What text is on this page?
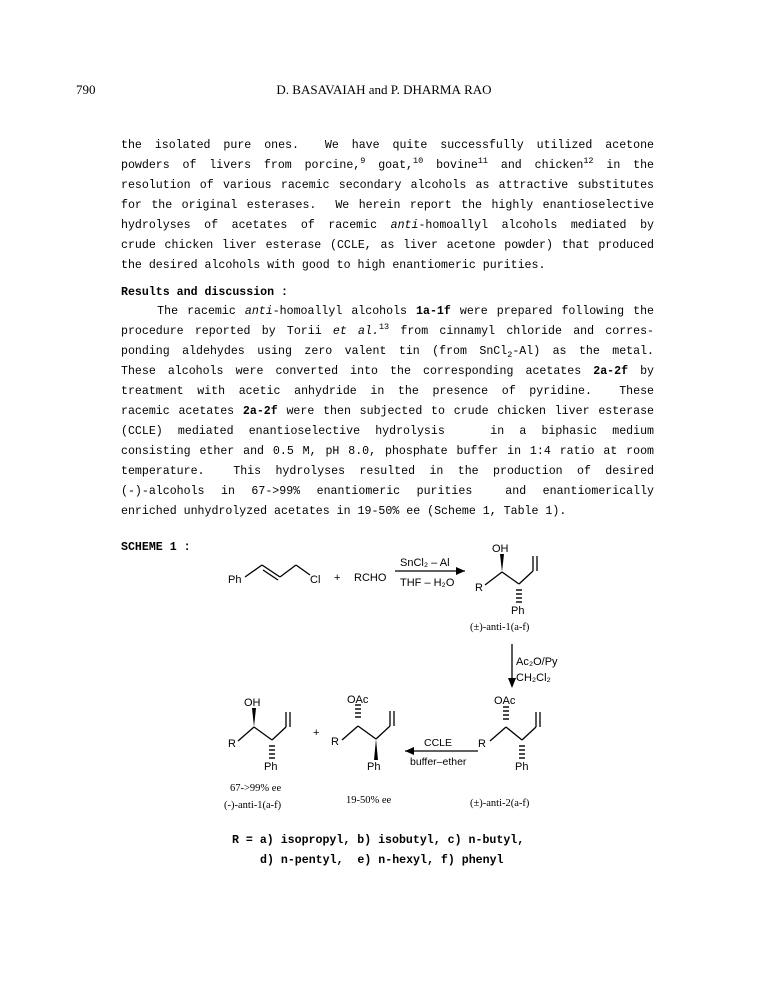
790	D. BASAVAIAH and P. DHARMA RAO
the isolated pure ones.  We have quite successfully utilized acetone
powders of livers from porcine,$^9$ goat,$^{10}$ bovine$^{11}$ and chicken$^{12}$ in the
resolution of various racemic secondary alcohols as attractive substitutes
for the original esterases.  We herein report the highly enantioselective
hydrolyses of acetates of racemic anti-homoallyl alcohols mediated by
crude chicken liver esterase (CCLE, as liver acetone powder) that produced
the desired alcohols with good to high enantiomeric purities.
Results and discussion :
The racemic anti-homoallyl alcohols 1a-1f were prepared following the
procedure reported by Torii et al.$^{13}$ from cinnamyl chloride and corres-
ponding aldehydes using zero valent tin (from SnCl$_2$-Al) as the metal.
These alcohols were converted into the corresponding acetates 2a-2f by
treatment with acetic anhydride in the presence of pyridine.  These
racemic acetates 2a-2f were then subjected to crude chicken liver esterase
(CCLE) mediated enantioselective hydrolysis   in a biphasic medium
consisting ether and 0.5 M, pH 8.0, phosphate buffer in 1:4 ratio at room
temperature.  This hydrolyses resulted in the production of desired
(-)-alcohols in 67->99% enantiomeric purities  and enantiomerically
enriched unhydrolyzed acetates in 19-50% ee (Scheme 1, Table 1).
SCHEME 1 :
Ph	Cl + RCHO
SnCl₂ – Al
THF – H₂O
OH
R
Ph
Ac₂O/Py
CH₂Cl₂
OH
R
Ph
+
OAc
R
Ph
CCLE
buffer–ether
OAc
R
Ph
(±)-anti-1(a-f)
67->99% ee
(-)-anti-1(a-f)	19-50% ee	(±)-anti-2(a-f)
R = a) isopropyl, b) isobutyl, c) n-butyl,
d) n-pentyl,  e) n-hexyl, f) phenyl
